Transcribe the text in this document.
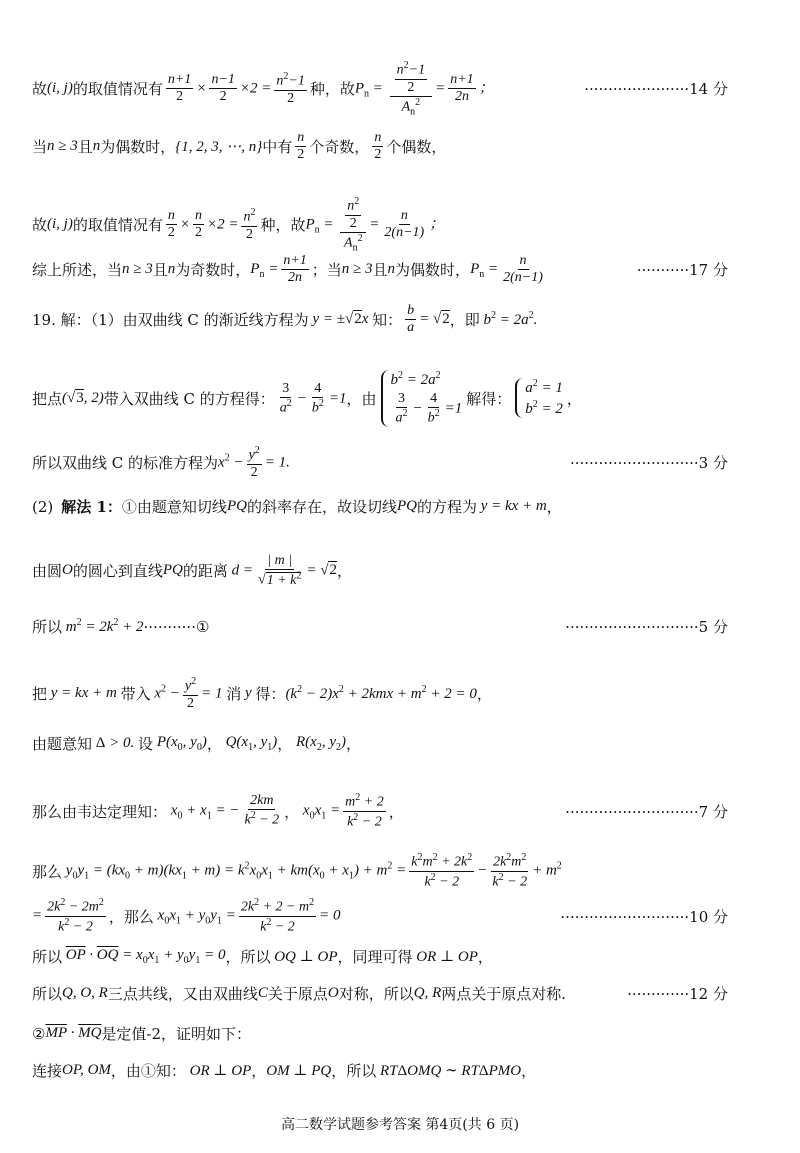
故 (i, j) 的取值情况有 $\frac{n+1}{2} \times \frac{n-1}{2} \times 2 = \frac{n^2-1}{2}$ 种，故 $P_n = \frac{\frac{n^2-1}{2}}{A_n^2} = \frac{n+1}{2n}$ ；	······················14 分
当 n ≥ 3 且 n 为偶数时， {1, 2, 3, ⋯, n} 中有 $\frac{n}{2}$ 个奇数， $\frac{n}{2}$ 个偶数，
故 (i, j) 的取值情况有 $\frac{n}{2} \times \frac{n}{2} \times 2 = \frac{n^2}{2}$ 种，故 $P_n = \frac{\frac{n^2}{2}}{A_n^2} = \frac{n}{2(n-1)}$ ；
综上所述，当 n ≥ 3 且 n 为奇数时， $P_n = \frac{n+1}{2n}$ ；当 n ≥ 3 且 n 为偶数时， $P_n = \frac{n}{2(n-1)}$	···········17 分
19. 解：（1）由双曲线 C 的渐近线方程为 y = ±√2x 知： $\frac{b}{a} = √2$ ，即 $b^2 = 2a^2$.
把点 (√3, 2) 带入双曲线 C 的方程得： $\frac{3}{a^2} - \frac{4}{b^2} =1$ ，由
$b^2 = 2a^2$
$\frac{3}{a^2} - \frac{4}{b^2} =1$
解得：
$a^2 = 1$
$b^2 = 2$
，
所以双曲线 C 的标准方程为 $x^2 - \frac{y^2}{2} = 1$.	···························3 分
(2) 解法 1： ①由题意知切线 PQ 的斜率存在，故设切线 PQ 的方程为 y = kx + m ，
由圆 O 的圆心到直线 PQ 的距离 $d = \frac{| m |}{√1 + k^2} = √2$ ，
所以 $m^2 = 2k^2 + 2$ ···········①	····························5 分
把 y = kx + m 带入 $x^2 - \frac{y^2}{2} = 1$ 消 y 得： $(k^2 - 2)x^2 + 2kmx + m^2 + 2 = 0$ ，
由题意知 Δ > 0. 设 $P(x_0$, $y_0$) ， $Q(x_1$, $y_1$) ， $R(x_2$, $y_2$) ，
那么由韦达定理知： $x_0 + x_1$ = − $\frac{2km}{k^2 - 2}$ ， $x_0x_1 = \frac{m^2 + 2}{k^2 - 2}$ ，	····························7 分
那么 $y_0y_1 = (kx_0 + m)(kx_1 + m) = k^2x_0x_1 + km(x_0 + x_1) + m^2 = \frac{k^2m^2 + 2k^2}{k^2 - 2} - \frac{2k^2m^2}{k^2 - 2} + m^2$
= $\frac{2k^2 - 2m^2}{k^2 - 2}$ ，那么 $x_0x_1 + y_0y_1 = \frac{2k^2 + 2 - m^2}{k^2 - 2} = 0$	···························10 分
所以 $\overline{OP} \cdot \overline{OQ} = x_0x_1 + y_0y_1 = 0$ ，所以 OQ ⊥ OP ，同理可得 OR ⊥ OP ，
所以 Q, O, R 三点共线，又由双曲线 C 关于原点 O 对称，所以 Q, R 两点关于原点对称.	·············12 分
② $\overline{MP} \cdot \overline{MQ}$ 是定值-2，证明如下：
连接 OP, OM ，由①知： OR ⊥ OP ， OM ⊥ PQ ，所以 RTΔOMQ ∼ RTΔPMO ，
高二数学试题参考答案 第4页(共 6 页)
